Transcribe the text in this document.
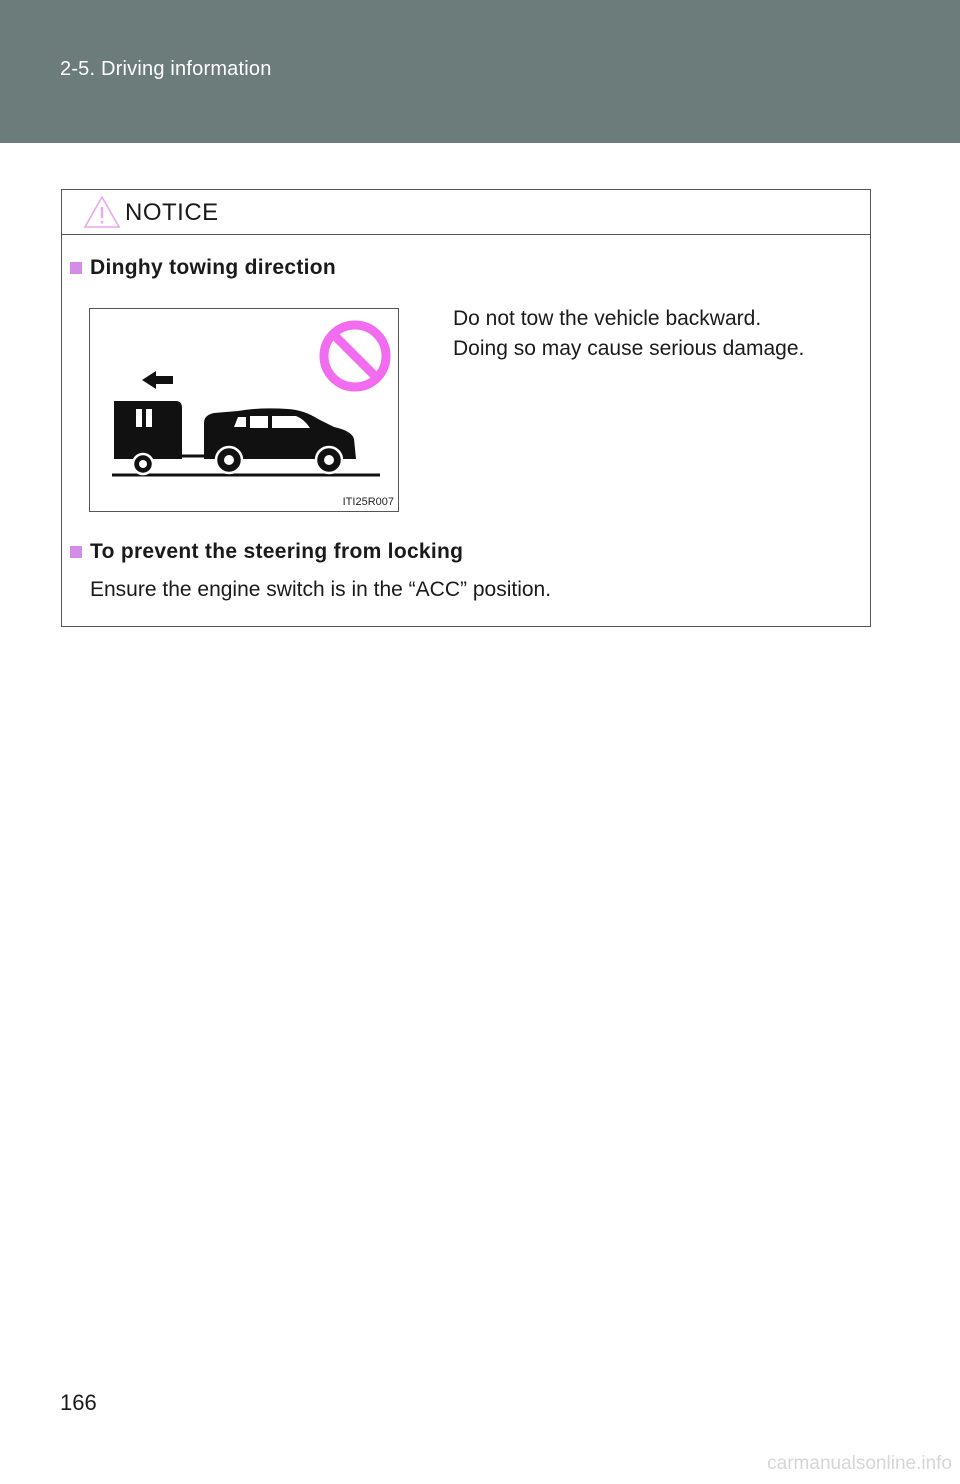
2-5. Driving information
NOTICE
Dinghy towing direction
ITI25R007
Do not tow the vehicle backward.
Doing so may cause serious damage.
To prevent the steering from locking
Ensure the engine switch is in the “ACC” position.
166
carmanualsonline.info
